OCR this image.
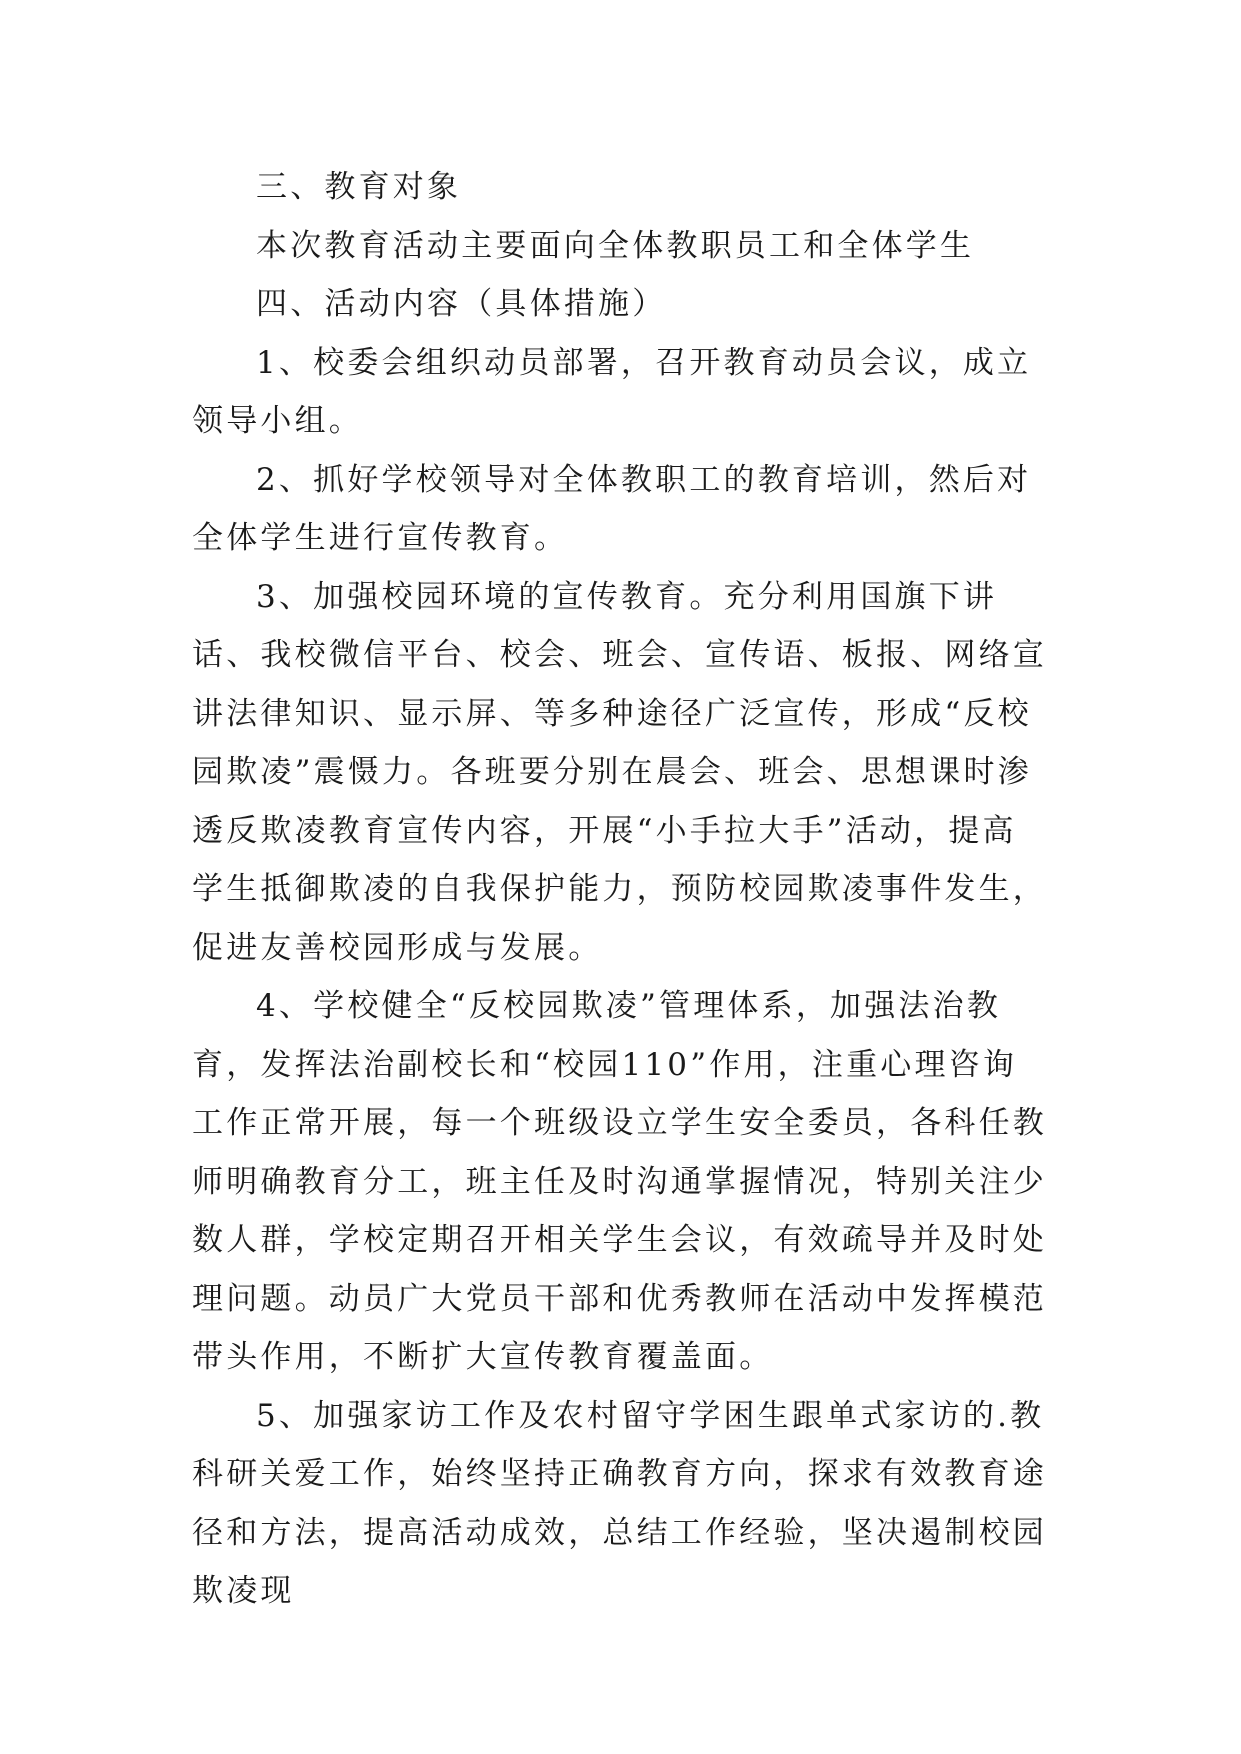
三、教育对象

本次教育活动主要面向全体教职员工和全体学生

四、活动内容（具体措施）

1、校委会组织动员部署，召开教育动员会议，成立领导小组。

2、抓好学校领导对全体教职工的教育培训，然后对全体学生进行宣传教育。

3、加强校园环境的宣传教育。充分利用国旗下讲话、我校微信平台、校会、班会、宣传语、板报、网络宣讲法律知识、显示屏、等多种途径广泛宣传，形成“反校园欺凌”震慑力。各班要分别在晨会、班会、思想课时渗透反欺凌教育宣传内容，开展“小手拉大手”活动，提高学生抵御欺凌的自我保护能力，预防校园欺凌事件发生，促进友善校园形成与发展。

4、学校健全“反校园欺凌”管理体系，加强法治教育，发挥法治副校长和“校园110”作用，注重心理咨询工作正常开展，每一个班级设立学生安全委员，各科任教师明确教育分工，班主任及时沟通掌握情况，特别关注少数人群，学校定期召开相关学生会议，有效疏导并及时处理问题。动员广大党员干部和优秀教师在活动中发挥模范带头作用，不断扩大宣传教育覆盖面。

5、加强家访工作及农村留守学困生跟单式家访的.教科研关爱工作，始终坚持正确教育方向，探求有效教育途径和方法，提高活动成效，总结工作经验，坚决遏制校园欺凌现
